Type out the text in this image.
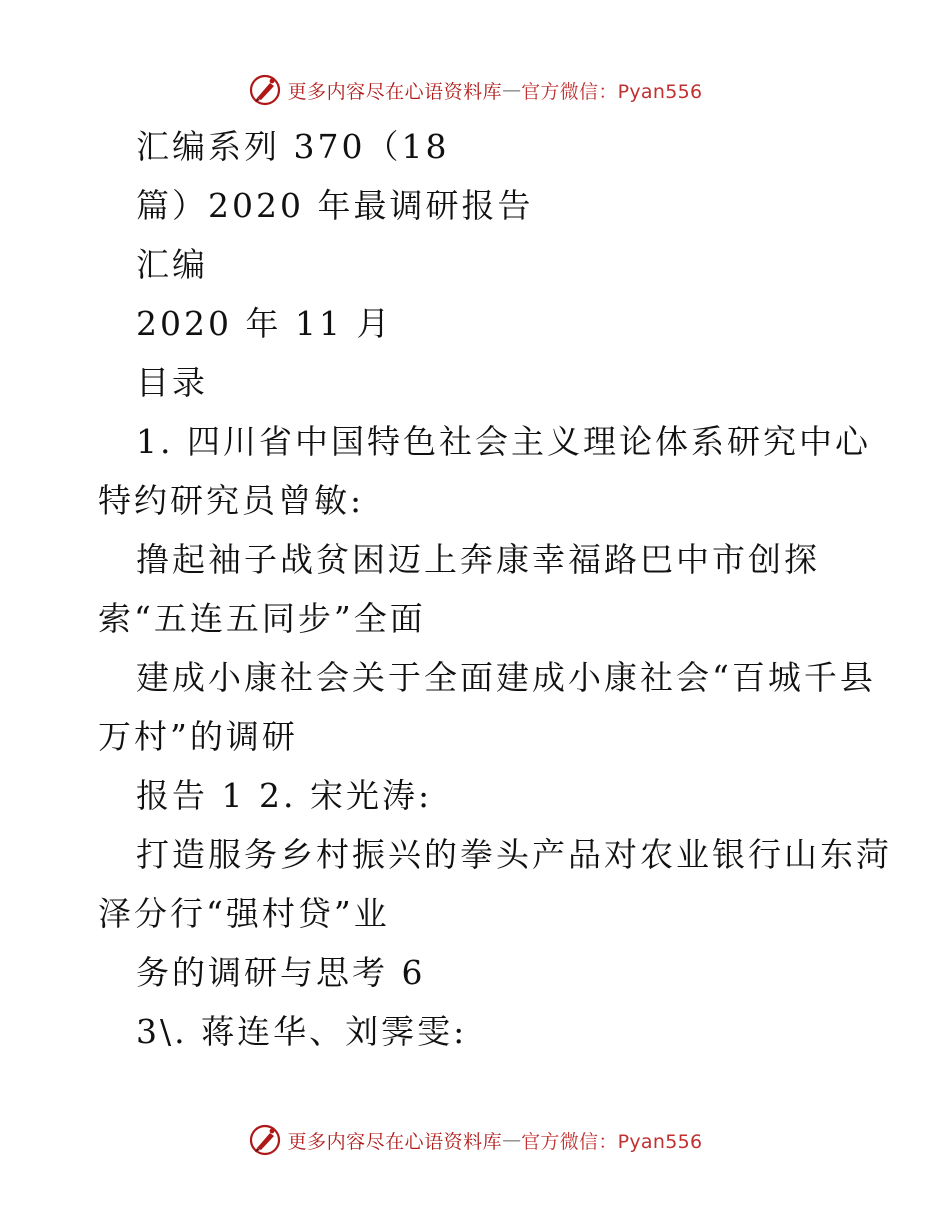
更多内容尽在心语资料库 — 官方微信：Pyan556
汇编系列 370（18
篇）2020 年最调研报告
汇编
2020 年 11 月
目录
1. 四川省中国特色社会主义理论体系研究中心
特约研究员曾敏:
撸起袖子战贫困迈上奔康幸福路巴中市创探
索“五连五同步”全面
建成小康社会关于全面建成小康社会“百城千县
万村”的调研
报告 1 2. 宋光涛:
打造服务乡村振兴的拳头产品对农业银行山东菏
泽分行“强村贷”业
务的调研与思考 6
3\. 蒋连华、刘霁雯:
更多内容尽在心语资料库 — 官方微信：Pyan556
